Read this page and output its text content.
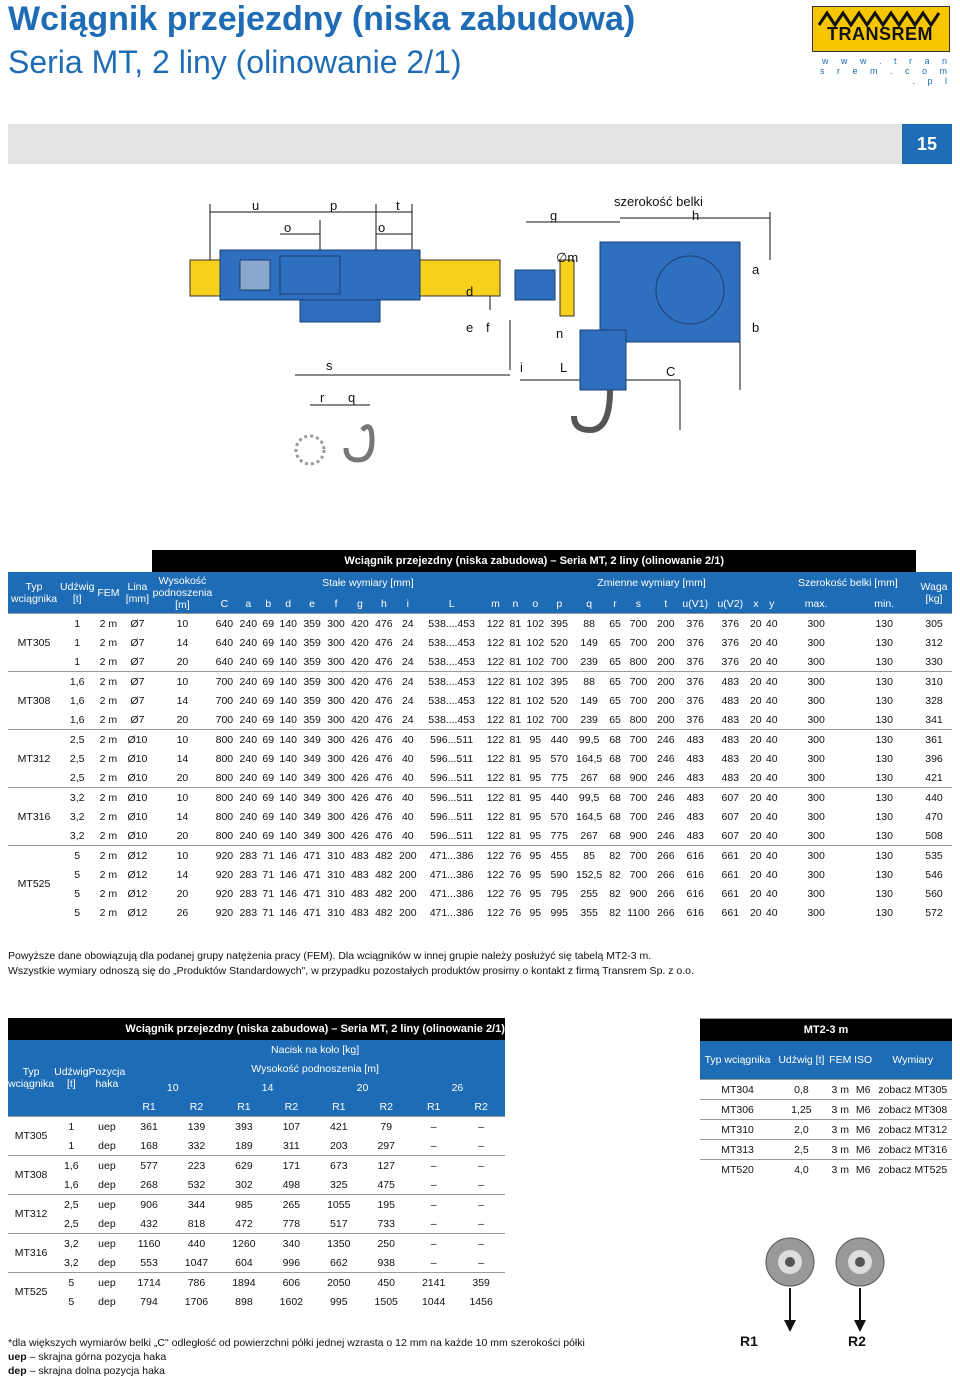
Wciągnik przejezdny (niska zabudowa)
Seria MT, 2 liny (olinowanie 2/1)
TRANSREM
w w w . t r a n s r e m . c o m . p l
15
u
o
p
o
t
g
szerokość belki
h
∅m
a
d
e f	n	b
s	i	L	C
r q
				Wciągnik przejezdny (niska zabudowa) – Seria MT, 2 liny (olinowanie 2/1)																									
Typ wciągnika	Udźwig [t]	FEM	Lina [mm]	Wysokość podnoszenia [m]	Stałe wymiary [mm]												Zmienne wymiary [mm]										Szerokość belki [mm]		Waga [kg]
					C	a	b	d	e	f	g	h	i	L	m	n	o	p	q	r	s	t	u(V1)	u(V2)	x	y	max.	min.	
MT305	1	2 m	Ø7	10	640	240	69	140	359	300	420	476	24	538....453	122	81	102	395	88	65	700	200	376	376	20	40	300	130	305
	1	2 m	Ø7	14	640	240	69	140	359	300	420	476	24	538....453	122	81	102	520	149	65	700	200	376	376	20	40	300	130	312
	1	2 m	Ø7	20	640	240	69	140	359	300	420	476	24	538....453	122	81	102	700	239	65	800	200	376	376	20	40	300	130	330
MT308	1,6	2 m	Ø7	10	700	240	69	140	359	300	420	476	24	538....453	122	81	102	395	88	65	700	200	376	483	20	40	300	130	310
	1,6	2 m	Ø7	14	700	240	69	140	359	300	420	476	24	538....453	122	81	102	520	149	65	700	200	376	483	20	40	300	130	328
	1,6	2 m	Ø7	20	700	240	69	140	359	300	420	476	24	538....453	122	81	102	700	239	65	800	200	376	483	20	40	300	130	341
MT312	2,5	2 m	Ø10	10	800	240	69	140	349	300	426	476	40	596...511	122	81	95	440	99,5	68	700	246	483	483	20	40	300	130	361
	2,5	2 m	Ø10	14	800	240	69	140	349	300	426	476	40	596...511	122	81	95	570	164,5	68	700	246	483	483	20	40	300	130	396
	2,5	2 m	Ø10	20	800	240	69	140	349	300	426	476	40	596...511	122	81	95	775	267	68	900	246	483	483	20	40	300	130	421
MT316	3,2	2 m	Ø10	10	800	240	69	140	349	300	426	476	40	596...511	122	81	95	440	99,5	68	700	246	483	607	20	40	300	130	440
	3,2	2 m	Ø10	14	800	240	69	140	349	300	426	476	40	596...511	122	81	95	570	164,5	68	700	246	483	607	20	40	300	130	470
	3,2	2 m	Ø10	20	800	240	69	140	349	300	426	476	40	596...511	122	81	95	775	267	68	900	246	483	607	20	40	300	130	508
MT525	5	2 m	Ø12	10	920	283	71	146	471	310	483	482	200	471...386	122	76	95	455	85	82	700	266	616	661	20	40	300	130	535
	5	2 m	Ø12	14	920	283	71	146	471	310	483	482	200	471...386	122	76	95	590	152,5	82	700	266	616	661	20	40	300	130	546
	5	2 m	Ø12	20	920	283	71	146	471	310	483	482	200	471...386	122	76	95	795	255	82	900	266	616	661	20	40	300	130	560
	5	2 m	Ø12	26	920	283	71	146	471	310	483	482	200	471...386	122	76	95	995	355	82	1100	266	616	661	20	40	300	130	572
Powyższe dane obowiązują dla podanej grupy natężenia pracy (FEM). Dla wciągników w innej grupie należy posłużyć się tabelą MT2-3 m.
Wszystkie wymiary odnoszą się do „Produktów Standardowych", w przypadku pozostałych produktów prosimy o kontakt z firmą Transrem Sp. z o.o.
			Wciągnik przejezdny (niska zabudowa) – Seria MT, 2 liny (olinowanie 2/1)							
Typ wciągnika	Udźwig [t]	Pozycja haka	Nacisk na koło [kg]							
			Wysokość podnoszenia [m]							
			10		14		20		26	
			R1	R2	R1	R2	R1	R2	R1	R2
MT305	1	uep	361	139	393	107	421	79	–	–
	1	dep	168	332	189	311	203	297	–	–
MT308	1,6	uep	577	223	629	171	673	127	–	–
	1,6	dep	268	532	302	498	325	475	–	–
MT312	2,5	uep	906	344	985	265	1055	195	–	–
	2,5	dep	432	818	472	778	517	733	–	–
MT316	3,2	uep	1160	440	1260	340	1350	250	–	–
	3,2	dep	553	1047	604	996	662	938	–	–
MT525	5	uep	1714	786	1894	606	2050	450	2141	359
	5	dep	794	1706	898	1602	995	1505	1044	1456
MT2-3 m				
Typ wciągnika	Udźwig [t]	FEM	ISO	Wymiary
MT304	0,8	3 m	M6	zobacz MT305
MT306	1,25	3 m	M6	zobacz MT308
MT310	2,0	3 m	M6	zobacz MT312
MT313	2,5	3 m	M6	zobacz MT316
MT520	4,0	3 m	M6	zobacz MT525
R1	R2
*dla większych wymiarów belki „C" odległość od powierzchni półki jednej wzrasta o 12 mm na każde 10 mm szerokości półki
uep – skrajna górna pozycja haka
dep – skrajna dolna pozycja haka
